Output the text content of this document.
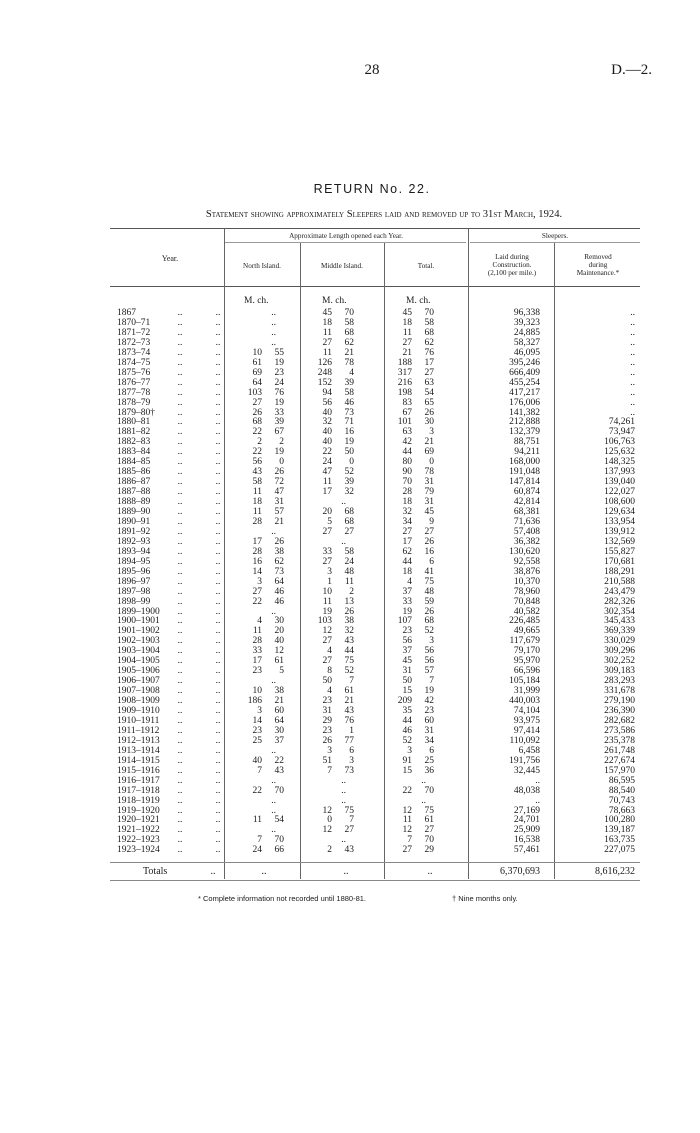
28	D.—2.
RETURN No. 22.
Statement showing approximately Sleepers laid and removed up to 31st March, 1924.
Year.
Approximate Length opened each Year.
North Island.	Middle Island.	Total.
Sleepers.
Laid during
Construction.
(2,100 per mile.)
Removed
during
Maintenance.*
M. ch.	M. ch.	M. ch.
1867	..	..	..	45 70	45 70	96,338	..
1870–71	..	..	..	18 58	18 58	39,323	..
1871–72	..	..	..	11 68	11 68	24,885	..
1872–73	..	..	..	27 62	27 62	58,327	..
1873–74	..	..	10 55	11 21	21 76	46,095	..
1874–75	..	..	61 19	126 78	188 17	395,246	..
1875–76	..	..	69 23	248 4	317 27	666,409	..
1876–77	..	..	64 24	152 39	216 63	455,254	..
1877–78	..	..	103 76	94 58	198 54	417,217	..
1878–79	..	..	27 19	56 46	83 65	176,006	..
1879–80†	..	..	26 33	40 73	67 26	141,382	..
1880–81	..	..	68 39	32 71	101 30	212,888	74,261
1881–82	..	..	22 67	40 16	63 3	132,379	73,947
1882–83	..	..	2 2	40 19	42 21	88,751	106,763
1883–84	..	..	22 19	22 50	44 69	94,211	125,632
1884–85	..	..	56 0	24 0	80 0	168,000	148,325
1885–86	..	..	43 26	47 52	90 78	191,048	137,993
1886–87	..	..	58 72	11 39	70 31	147,814	139,040
1887–88	..	..	11 47	17 32	28 79	60,874	122,027
1888–89	..	..	18 31	..	18 31	42,814	108,600
1889–90	..	..	11 57	20 68	32 45	68,381	129,634
1890–91	..	..	28 21	5 68	34 9	71,636	133,954
1891–92	..	..	..	27 27	27 27	57,408	139,912
1892–93	..	..	17 26	..	17 26	36,382	132,569
1893–94	..	..	28 38	33 58	62 16	130,620	155,827
1894–95	..	..	16 62	27 24	44 6	92,558	170,681
1895–96	..	..	14 73	3 48	18 41	38,876	188,291
1896–97	..	..	3 64	1 11	4 75	10,370	210,588
1897–98	..	..	27 46	10 2	37 48	78,960	243,479
1898–99	..	..	22 46	11 13	33 59	70,848	282,326
1899–1900	..	..	..	19 26	19 26	40,582	302,354
1900–1901	..	..	4 30	103 38	107 68	226,485	345,433
1901–1902	..	..	11 20	12 32	23 52	49,665	369,339
1902–1903	..	..	28 40	27 43	56 3	117,679	330,029
1903–1904	..	..	33 12	4 44	37 56	79,170	309,296
1904–1905	..	..	17 61	27 75	45 56	95,970	302,252
1905–1906	..	..	23 5	8 52	31 57	66,596	309,183
1906–1907	..	..	..	50 7	50 7	105,184	283,293
1907–1908	..	..	10 38	4 61	15 19	31,999	331,678
1908–1909	..	..	186 21	23 21	209 42	440,003	279,190
1909–1910	..	..	3 60	31 43	35 23	74,104	236,390
1910–1911	..	..	14 64	29 76	44 60	93,975	282,682
1911–1912	..	..	23 30	23 1	46 31	97,414	273,586
1912–1913	..	..	25 37	26 77	52 34	110,092	235,378
1913–1914	..	..	..	3 6	3 6	6,458	261,748
1914–1915	..	..	40 22	51 3	91 25	191,756	227,674
1915–1916	..	..	7 43	7 73	15 36	32,445	157,970
1916–1917	..	..	..	..	..	..	86,595
1917–1918	..	..	22 70	..	22 70	48,038	88,540
1918–1919	..	..	..	..	..	..	70,743
1919–1920	..	..	..	12 75	12 75	27,169	78,663
1920–1921	..	..	11 54	0 7	11 61	24,701	100,280
1921–1922	..	..	..	12 27	12 27	25,909	139,187
1922–1923	..	..	7 70	..	7 70	16,538	163,735
1923–1924	..	..	24 66	2 43	27 29	57,461	227,075
Totals	..	..	..	..	6,370,693	8,616,232
* Complete information not recorded until 1880-81.	† Nine months only.
